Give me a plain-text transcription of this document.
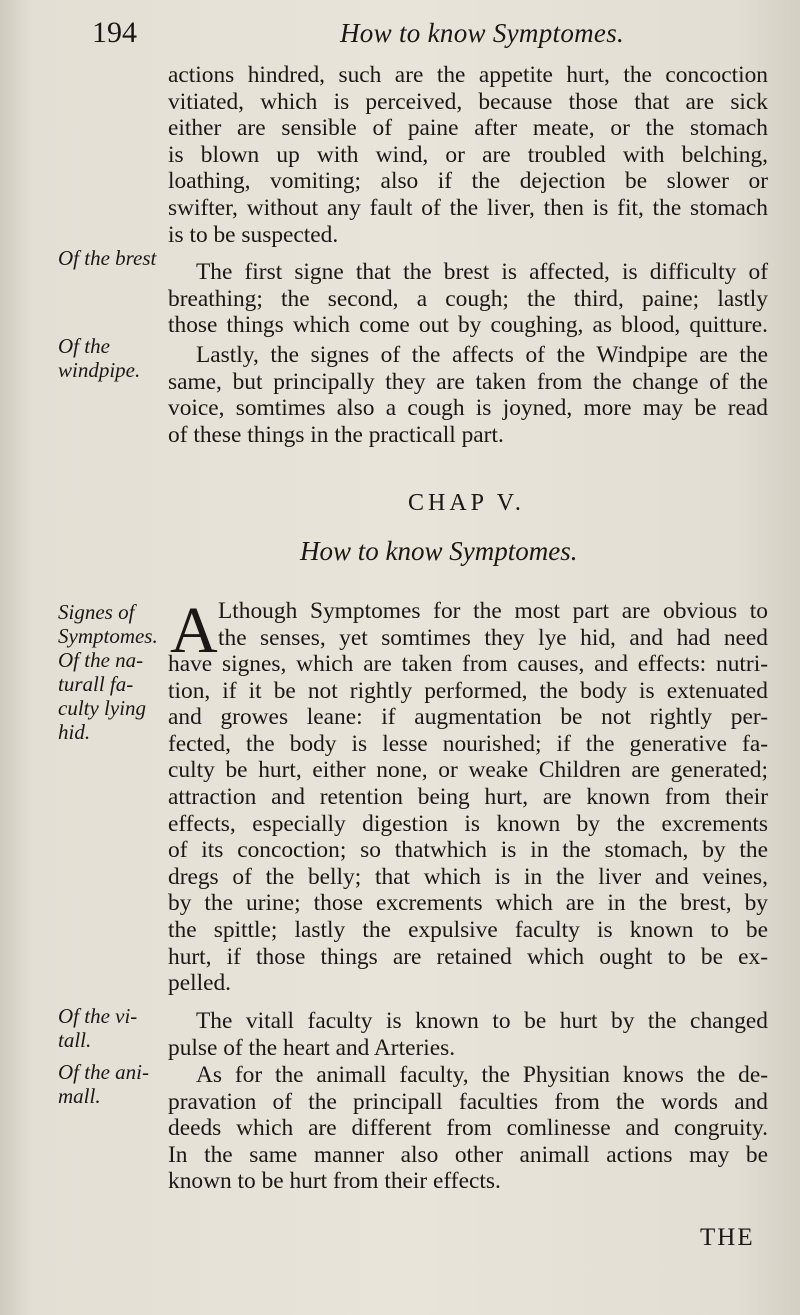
194	How to know Symptomes.

actions hindred, such are the appetite hurt, the concoction
vitiated, which is perceived, because those that are sick
either are sensible of paine after meate, or the stomach
is blown up with wind, or are troubled with belching,
loathing, vomiting; also if the dejection be slower or
swifter, without any fault of the liver, then is fit, the stomach
is to be suspected.

The first signe that the brest is affected, is difficulty of
breathing; the second, a cough; the third, paine; lastly
those things which come out by coughing, as blood, quitture.

Lastly, the signes of the affects of the Windpipe are the
same, but principally they are taken from the change of the
voice, somtimes also a cough is joyned, more may be read
of these things in the practicall part.

CHAP V.
How to know Symptomes.
A Lthough Symptomes for the most part are obvious to
the senses, yet somtimes they lye hid, and had need

have signes, which are taken from causes, and effects: nutri-
tion, if it be not rightly performed, the body is extenuated
and growes leane: if augmentation be not rightly per-
fected, the body is lesse nourished; if the generative fa-
culty be hurt, either none, or weake Children are generated;
attraction and retention being hurt, are known from their
effects, especially digestion is known by the excrements
of its concoction; so thatwhich is in the stomach, by the
dregs of the belly; that which is in the liver and veines,
by the urine; those excrements which are in the brest, by
the spittle; lastly the expulsive faculty is known to be
hurt, if those things are retained which ought to be ex-
pelled.

The vitall faculty is known to be hurt by the changed
pulse of the heart and Arteries.

As for the animall faculty, the Physitian knows the de-
pravation of the principall faculties from the words and
deeds which are different from comlinesse and congruity.
In the same manner also other animall actions may be
known to be hurt from their effects.

Of the brest
Of the
windpipe.
Signes of
Symptomes.
Of the na-
turall fa-
culty lying
hid.
Of the vi-
tall.
Of the ani-
mall.
THE
